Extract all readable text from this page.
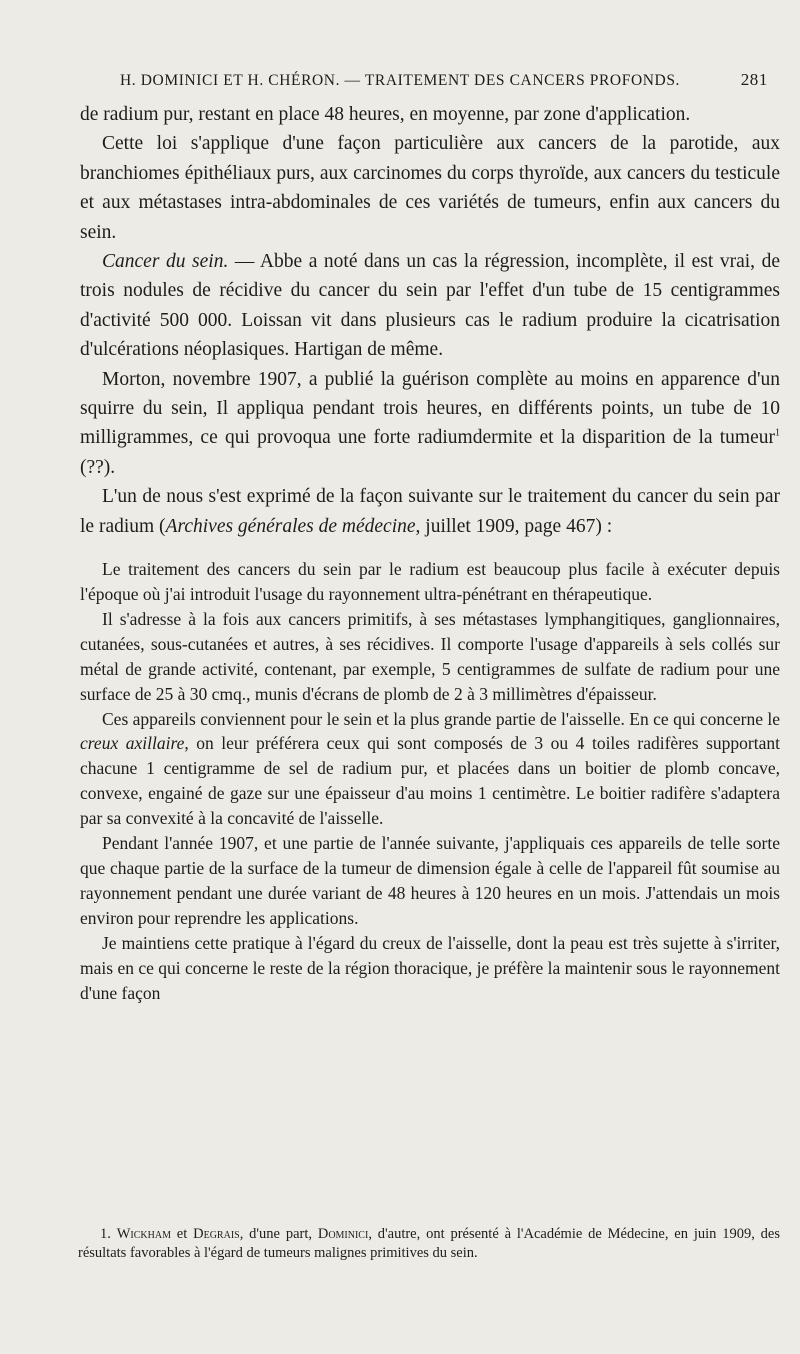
H. DOMINICI ET H. CHÉRON. — TRAITEMENT DES CANCERS PROFONDS.	281

de radium pur, restant en place 48 heures, en moyenne, par zone d'application.

Cette loi s'applique d'une façon particulière aux cancers de la parotide, aux branchiomes épithéliaux purs, aux carcinomes du corps thyroïde, aux cancers du testicule et aux métastases intra-abdominales de ces variétés de tumeurs, enfin aux cancers du sein.

Cancer du sein. — Abbe a noté dans un cas la régression, incomplète, il est vrai, de trois nodules de récidive du cancer du sein par l'effet d'un tube de 15 centigrammes d'activité 500 000. Loissan vit dans plusieurs cas le radium produire la cicatrisation d'ulcérations néoplasiques. Hartigan de même.

Morton, novembre 1907, a publié la guérison complète au moins en apparence d'un squirre du sein, Il appliqua pendant trois heures, en différents points, un tube de 10 milligrammes, ce qui provoqua une forte radiumdermite et la disparition de la tumeur$^1$ (??).

L'un de nous s'est exprimé de la façon suivante sur le traitement du cancer du sein par le radium (Archives générales de médecine, juillet 1909, page 467) :

Le traitement des cancers du sein par le radium est beaucoup plus facile à exécuter depuis l'époque où j'ai introduit l'usage du rayonnement ultra-pénétrant en thérapeutique.

Il s'adresse à la fois aux cancers primitifs, à ses métastases lymphangitiques, ganglionnaires, cutanées, sous-cutanées et autres, à ses récidives. Il comporte l'usage d'appareils à sels collés sur métal de grande activité, contenant, par exemple, 5 centigrammes de sulfate de radium pour une surface de 25 à 30 cmq., munis d'écrans de plomb de 2 à 3 millimètres d'épaisseur.

Ces appareils conviennent pour le sein et la plus grande partie de l'aisselle. En ce qui concerne le creux axillaire, on leur préférera ceux qui sont composés de 3 ou 4 toiles radifères supportant chacune 1 centigramme de sel de radium pur, et placées dans un boitier de plomb concave, convexe, engainé de gaze sur une épaisseur d'au moins 1 centimètre. Le boitier radifère s'adaptera par sa convexité à la concavité de l'aisselle.

Pendant l'année 1907, et une partie de l'année suivante, j'appliquais ces appareils de telle sorte que chaque partie de la surface de la tumeur de dimension égale à celle de l'appareil fût soumise au rayonnement pendant une durée variant de 48 heures à 120 heures en un mois. J'attendais un mois environ pour reprendre les applications.

Je maintiens cette pratique à l'égard du creux de l'aisselle, dont la peau est très sujette à s'irriter, mais en ce qui concerne le reste de la région thoracique, je préfère la maintenir sous le rayonnement d'une façon

1. Wickham et Degrais, d'une part, Dominici, d'autre, ont présenté à l'Académie de Médecine, en juin 1909, des résultats favorables à l'égard de tumeurs malignes primitives du sein.
